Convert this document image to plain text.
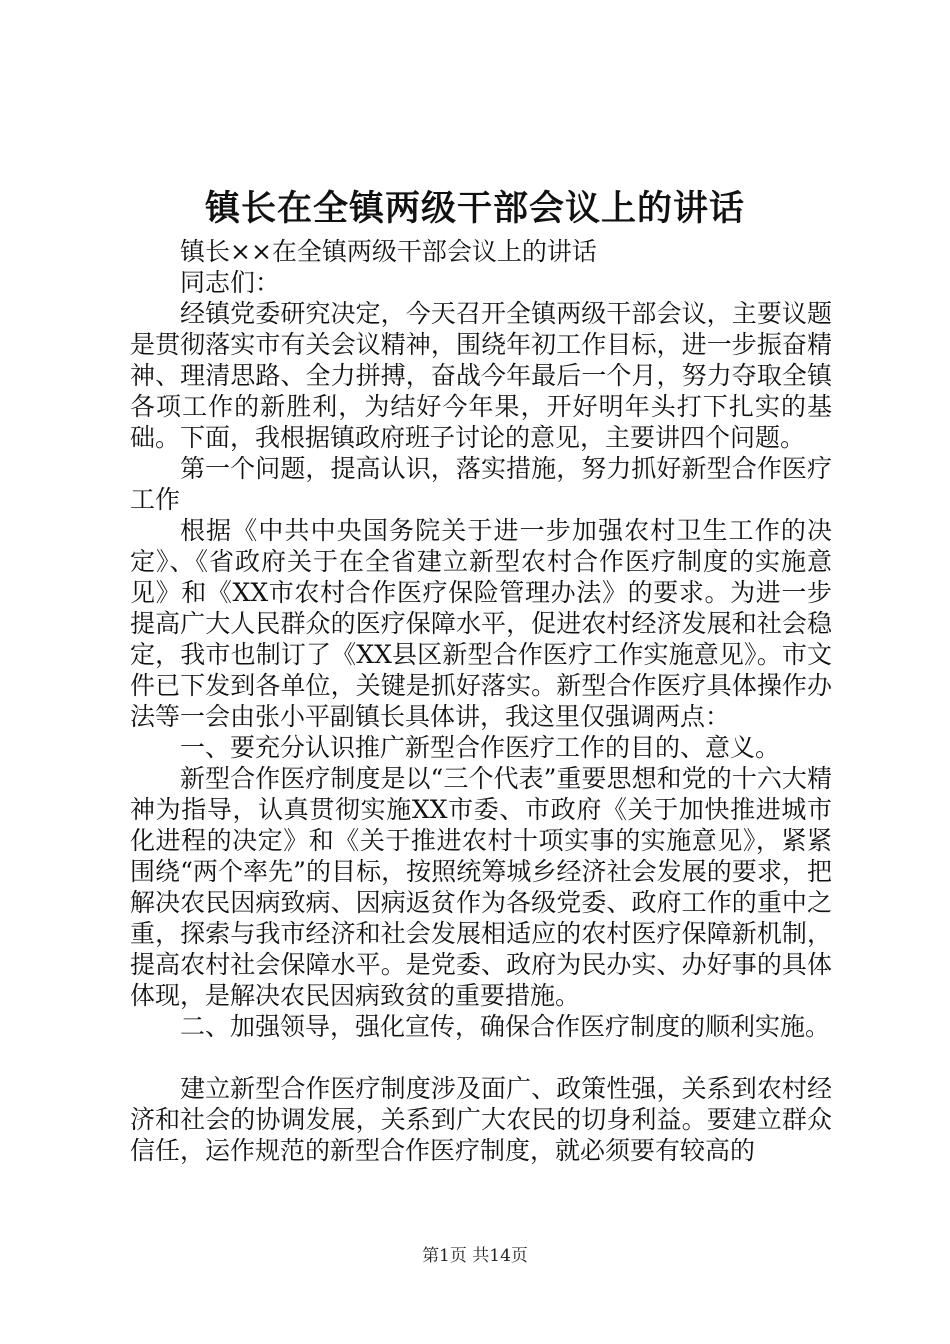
镇长在全镇两级干部会议上的讲话

镇长××在全镇两级干部会议上的讲话

同志们：

经镇党委研究决定，今天召开全镇两级干部会议，主要议题是贯彻落实市有关会议精神，围绕年初工作目标，进一步振奋精神、理清思路、全力拼搏，奋战今年最后一个月，努力夺取全镇各项工作的新胜利，为结好今年果，开好明年头打下扎实的基础。下面，我根据镇政府班子讨论的意见，主要讲四个问题。

第一个问题，提高认识，落实措施，努力抓好新型合作医疗工作

根据《中共中央国务院关于进一步加强农村卫生工作的决定》、《省政府关于在全省建立新型农村合作医疗制度的实施意见》和《XX市农村合作医疗保险管理办法》的要求。为进一步提高广大人民群众的医疗保障水平，促进农村经济发展和社会稳定，我市也制订了《XX县区新型合作医疗工作实施意见》。市文件已下发到各单位，关键是抓好落实。新型合作医疗具体操作办法等一会由张小平副镇长具体讲，我这里仅强调两点：

一、要充分认识推广新型合作医疗工作的目的、意义。

新型合作医疗制度是以“三个代表”重要思想和党的十六大精神为指导，认真贯彻实施XX市委、市政府《关于加快推进城市化进程的决定》和《关于推进农村十项实事的实施意见》，紧紧围绕“两个率先”的目标，按照统筹城乡经济社会发展的要求，把解决农民因病致病、因病返贫作为各级党委、政府工作的重中之重，探索与我市经济和社会发展相适应的农村医疗保障新机制，提高农村社会保障水平。是党委、政府为民办实、办好事的具体体现，是解决农民因病致贫的重要措施。

二、加强领导，强化宣传，确保合作医疗制度的顺利实施。

建立新型合作医疗制度涉及面广、政策性强，关系到农村经济和社会的协调发展，关系到广大农民的切身利益。要建立群众信任，运作规范的新型合作医疗制度，就必须要有较高的

第1页 共14页
